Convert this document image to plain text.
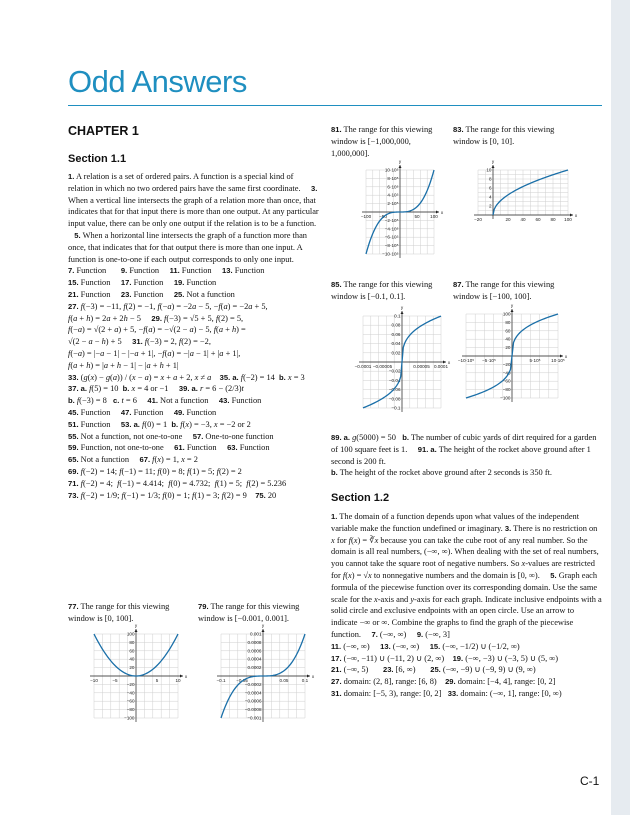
Odd Answers
CHAPTER 1
Section 1.1

1. A relation is a set of ordered pairs. A function is a special kind of relation in which no two ordered pairs have the same first coordinate.     3. When a vertical line intersects the graph of a relation more than once, that indicates that for that input there is more than one output. At any particular input value, there can be only one output if the relation is to be a function.    5. When a horizontal line intersects the graph of a function more than once, that indicates that for that output there is more than one input. A function is one-to-one if each output corresponds to only one input.

7. Function       9. Function     11. Function     13. Function

15. Function     17. Function     19. Function

21. Function     23. Function     25. Not a function

27. f(−3) = −11, f(2) = −1, f(−a) = −2a − 5, −f(a) = −2a + 5,

f(a + h) = 2a + 2h − 5     29. f(−3) = √5 + 5, f(2) = 5,

f(−a) = √(2 + a) + 5, −f(a) = −√(2 − a) − 5, f(a + h) =

√(2 − a − h) + 5     31. f(−3) = 2, f(2) = −2,

f(−a) = |−a − 1| − |−a + 1|, −f(a) = −|a − 1| + |a + 1|,

f(a + h) = |a + h − 1| − |a + h + 1|

33. (g(x) − g(a)) / (x − a) = x + a + 2, x ≠ a 35. a. f(−2) = 14  b. x = 3

37. a. f(5) = 10  b. x = 4 or −1     39. a. r = 6 − (2/3)t

b. f(−3) = 8   c. t = 6     41. Not a function     43. Function

45. Function     47. Function     49. Function

51. Function     53. a. f(0) = 1  b. f(x) = −3, x = −2 or 2

55. Not a function, not one-to-one     57. One-to-one function

59. Function, not one-to-one     61. Function     63. Function

65. Not a function     67. f(x) = 1, x = 2

69. f(−2) = 14; f(−1) = 11; f(0) = 8; f(1) = 5; f(2) = 2

71. f(−2) = 4;  f(−1) = 4.414;  f(0) = 4.732;  f(1) = 5;  f(2) = 5.236

73. f(−2) = 1/9; f(−1) = 1/3; f(0) = 1; f(1) = 3; f(2) = 9    75. 20

77. The range for this viewing window is [0, 100].
79. The range for this viewing window is [−0.001, 0.001].
x
y
−10	−5	5	10
100
80
60
40
20
−20
−40
−60
−80
−100
x
y
−0.1 −0.05	0.05	0.1
0.001
0.0008
0.0006
0.0004
0.0002
−0.0002
−0.0004
−0.0006
−0.0008
−0.001
81. The range for this viewing window is [−1,000,000, 1,000,000].
83. The range for this viewing window is [0, 10].
x
y
−100 −50	50 100
10·10⁵
8·10⁵
6·10⁵
4·10⁵
2·10⁵
−2·10⁵
−4·10⁵
−6·10⁵
−8·10⁵
−10·10⁵
x
y
−20	20 40 60 80 100
10
8
6
4
2
85. The range for this viewing window is [−0.1, 0.1].
87. The range for this viewing window is [−100, 100].
x
y
−0.0001 −0.00005	0.00005 0.0001
0.1
0.08
0.06
0.04
0.02
−0.02
−0.04
−0.06
−0.08
−0.1
x
y
−10·10⁵ −5·10⁵	5·10⁵ 10·10⁵
100
80
60
40
20
−20
−40
−60
−80
−100
89. a. g(5000) = 50   b. The number of cubic yards of dirt required for a garden of 100 square feet is 1.     91. a. The height of the rocket above ground after 1 second is 200 ft.
b. The height of the rocket above ground after 2 seconds is 350 ft.
Section 1.2

1. The domain of a function depends upon what values of the independent variable make the function undefined or imaginary. 3. There is no restriction on x for f(x) = ∛x because you can take the cube root of any real number. So the domain is all real numbers, (−∞, ∞). When dealing with the set of real numbers, you cannot take the square root of negative numbers. So x-values are restricted for f(x) = √x to nonnegative numbers and the domain is [0, ∞).     5. Graph each formula of the piecewise function over its corresponding domain. Use the same scale for the x-axis and y-axis for each graph. Indicate inclusive endpoints with a solid circle and exclusive endpoints with an open circle. Use an arrow to indicate −∞ or ∞. Combine the graphs to find the graph of the piecewise function.     7. (−∞, ∞)     9. (−∞, 3]

11. (−∞, ∞)     13. (−∞, ∞)     15. (−∞, −1/2) ∪ (−1/2, ∞)

17. (−∞, −11) ∪ (−11, 2) ∪ (2, ∞)    19. (−∞, −3) ∪ (−3, 5) ∪ (5, ∞)

21. (−∞, 5)       23. [6, ∞)       25. (−∞, −9) ∪ (−9, 9) ∪ (9, ∞)

27. domain: (2, 8], range: [6, 8)    29. domain: [−4, 4], range: [0, 2]

31. domain: [−5, 3), range: [0, 2]   33. domain: (−∞, 1], range: [0, ∞)

C-1
